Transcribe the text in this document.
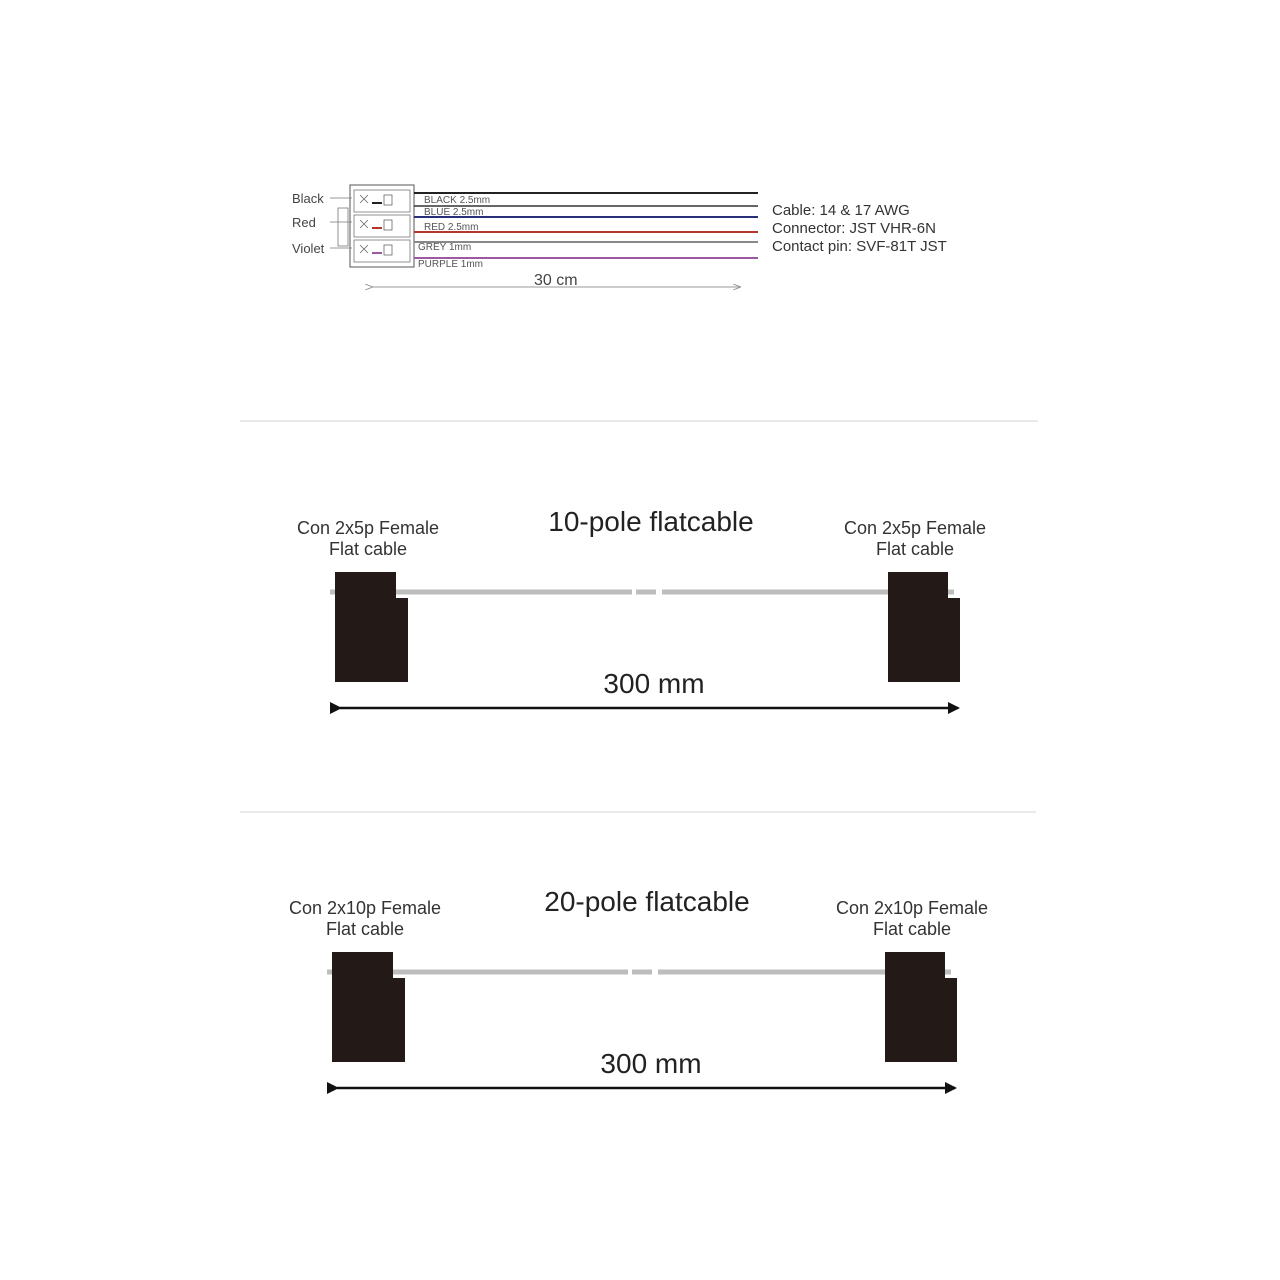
Black
Red
Violet
BLACK 2.5mm
BLUE 2.5mm
RED 2.5mm
GREY 1mm
PURPLE 1mm
30 cm
Cable: 14 & 17 AWG
Connector: JST VHR-6N
Contact pin: SVF-81T JST
10-pole flatcable
Con 2x5p Female
Flat cable
Con 2x5p Female
Flat cable
300 mm
20-pole flatcable
Con 2x10p Female
Flat cable
Con 2x10p Female
Flat cable
300 mm
